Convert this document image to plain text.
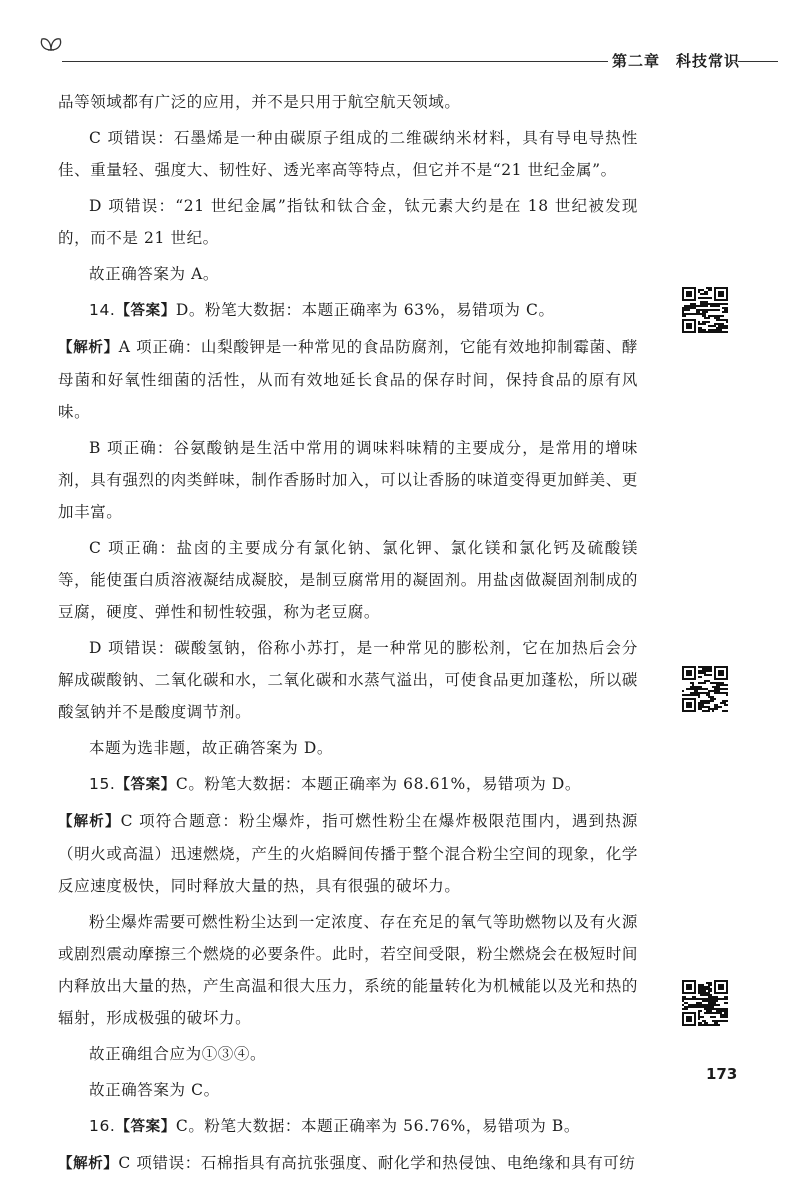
第二章　科技常识

品等领域都有广泛的应用，并不是只用于航空航天领域。

C 项错误：石墨烯是一种由碳原子组成的二维碳纳米材料，具有导电导热性佳、重量轻、强度大、韧性好、透光率高等特点，但它并不是“21 世纪金属”。

D 项错误：“21 世纪金属”指钛和钛合金，钛元素大约是在 18 世纪被发现的，而不是 21 世纪。

故正确答案为 A。

14.【答案】D。粉笔大数据：本题正确率为 63%，易错项为 C。

【解析】A 项正确：山梨酸钾是一种常见的食品防腐剂，它能有效地抑制霉菌、酵母菌和好氧性细菌的活性，从而有效地延长食品的保存时间，保持食品的原有风味。

B 项正确：谷氨酸钠是生活中常用的调味料味精的主要成分，是常用的增味剂，具有强烈的肉类鲜味，制作香肠时加入，可以让香肠的味道变得更加鲜美、更加丰富。

C 项正确：盐卤的主要成分有氯化钠、氯化钾、氯化镁和氯化钙及硫酸镁等，能使蛋白质溶液凝结成凝胶，是制豆腐常用的凝固剂。用盐卤做凝固剂制成的豆腐，硬度、弹性和韧性较强，称为老豆腐。

D 项错误：碳酸氢钠，俗称小苏打，是一种常见的膨松剂，它在加热后会分解成碳酸钠、二氧化碳和水，二氧化碳和水蒸气溢出，可使食品更加蓬松，所以碳酸氢钠并不是酸度调节剂。

本题为选非题，故正确答案为 D。

15.【答案】C。粉笔大数据：本题正确率为 68.61%，易错项为 D。

【解析】C 项符合题意：粉尘爆炸，指可燃性粉尘在爆炸极限范围内，遇到热源（明火或高温）迅速燃烧，产生的火焰瞬间传播于整个混合粉尘空间的现象，化学反应速度极快，同时释放大量的热，具有很强的破坏力。

粉尘爆炸需要可燃性粉尘达到一定浓度、存在充足的氧气等助燃物以及有火源或剧烈震动摩擦三个燃烧的必要条件。此时，若空间受限，粉尘燃烧会在极短时间内释放出大量的热，产生高温和很大压力，系统的能量转化为机械能以及光和热的辐射，形成极强的破坏力。

故正确组合应为①③④。

故正确答案为 C。

16.【答案】C。粉笔大数据：本题正确率为 56.76%，易错项为 B。

【解析】C 项错误：石棉指具有高抗张强度、耐化学和热侵蚀、电绝缘和具有可纺

173
